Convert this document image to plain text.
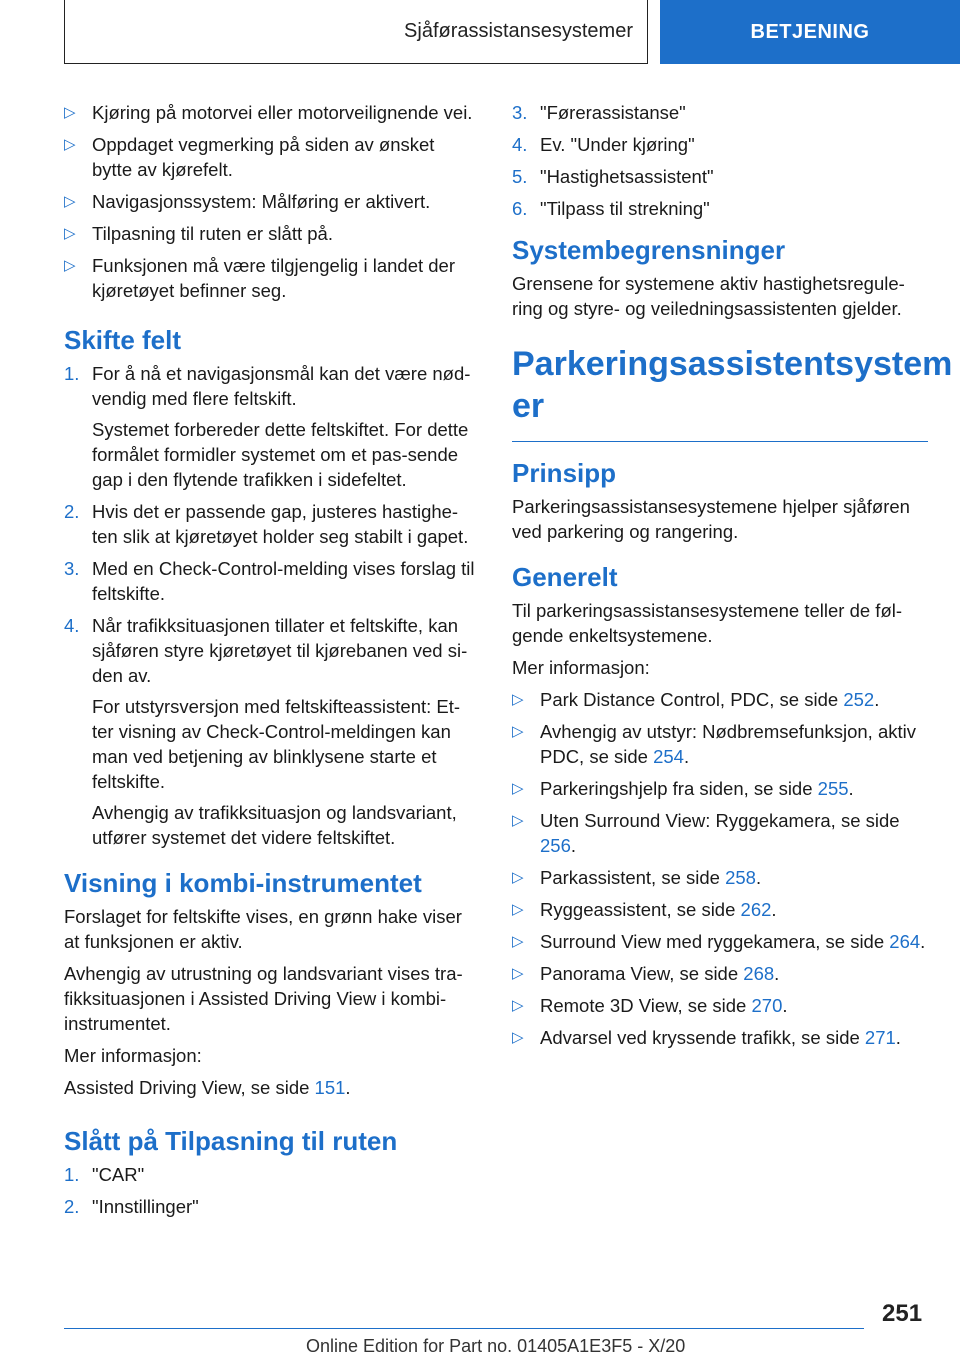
Sjåførassistansesystemer	BETJENING
▷ Kjøring på motorvei eller motorveilignende vei.
▷ Oppdaget vegmerking på siden av ønsket bytte av kjørefelt.
▷ Navigasjonssystem: Målføring er aktivert.
▷ Tilpasning til ruten er slått på.
▷ Funksjonen må være tilgjengelig i landet der kjøretøyet befinner seg.
Skifte felt
1. For å nå et navigasjonsmål kan det være nød-vendig med flere feltskift.

Systemet forbereder dette feltskiftet. For dette formålet formidler systemet om et pas-sende gap i den flytende trafikken i sidefeltet.

2. Hvis det er passende gap, justeres hastighe-ten slik at kjøretøyet holder seg stabilt i gapet.
3. Med en Check-Control-melding vises forslag til feltskifte.
4. Når trafikksituasjonen tillater et feltskifte, kan sjåføren styre kjøretøyet til kjørebanen ved si-den av.

For utstyrsversjon med feltskifteassistent: Et-ter visning av Check-Control-meldingen kan man ved betjening av blinklysene starte et feltskifte.

Avhengig av trafikksituasjon og landsvariant, utfører systemet det videre feltskiftet.

Visning i kombi-instrumentet

Forslaget for feltskifte vises, en grønn hake viser at funksjonen er aktiv.

Avhengig av utrustning og landsvariant vises tra-fikksituasjonen i Assisted Driving View i kombi-instrumentet.

Mer informasjon:

Assisted Driving View, se side 151.

Slått på Tilpasning til ruten
1. "CAR"
2. "Innstillinger"
3. "Førerassistanse"
4. Ev. "Under kjøring"
5. "Hastighetsassistent"
6. "Tilpass til strekning"
Systembegrensninger

Grensene for systemene aktiv hastighetsregule-ring og styre- og veiledningsassistenten gjelder.

Parkeringsassistentsystem er
Prinsipp

Parkeringsassistansesystemene hjelper sjåføren ved parkering og rangering.

Generelt

Til parkeringsassistansesystemene teller de føl-gende enkeltsystemene.

Mer informasjon:

▷ Park Distance Control, PDC, se side 252.
▷ Avhengig av utstyr: Nødbremsefunksjon, aktiv PDC, se side 254.
▷ Parkeringshjelp fra siden, se side 255.
▷ Uten Surround View: Ryggekamera, se side 256.
▷ Parkassistent, se side 258.
▷ Ryggeassistent, se side 262.
▷ Surround View med ryggekamera, se side 264.
▷ Panorama View, se side 268.
▷ Remote 3D View, se side 270.
▷ Advarsel ved kryssende trafikk, se side 271.
251
Online Edition for Part no. 01405A1E3F5 - X/20
